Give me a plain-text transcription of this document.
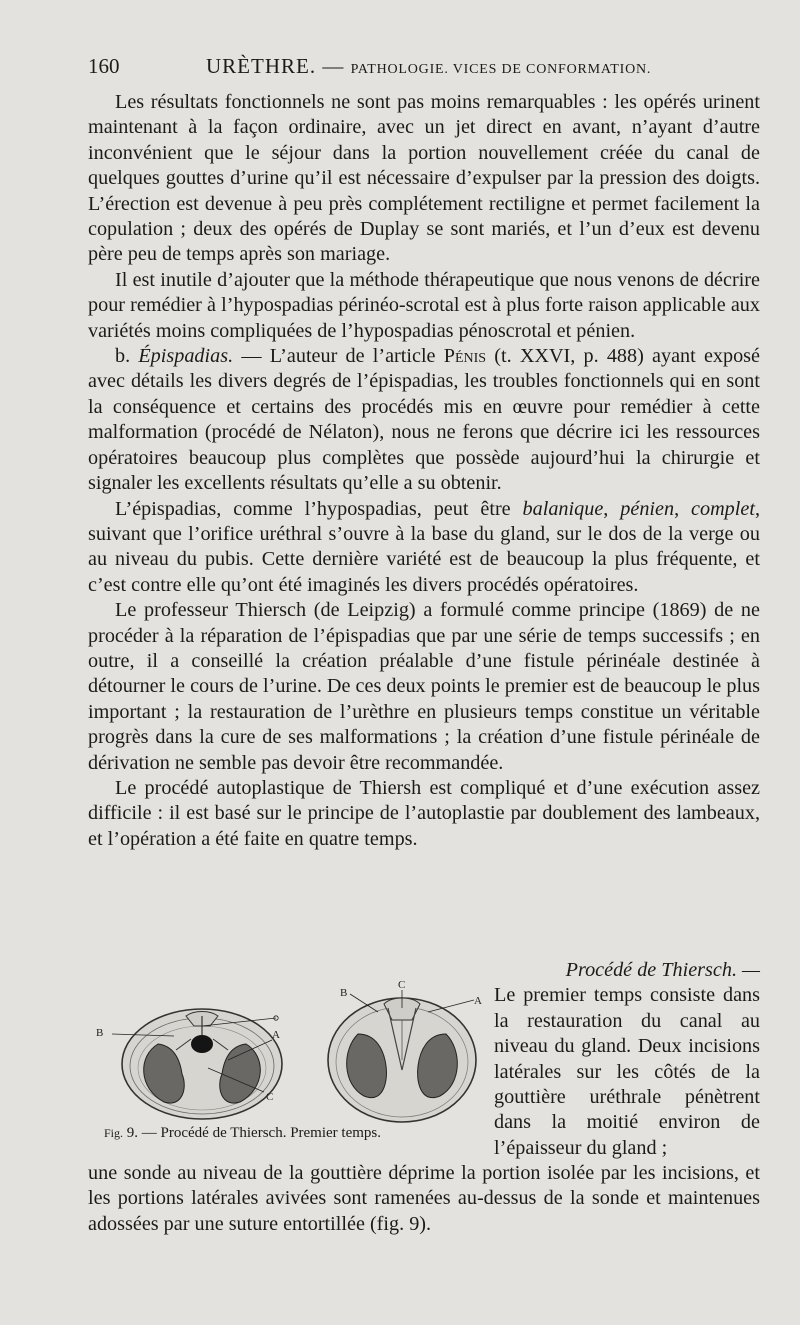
160	URÈTHRE. — PATHOLOGIE. VICES DE CONFORMATION.

Les résultats fonctionnels ne sont pas moins remarquables : les opérés urinent maintenant à la façon ordinaire, avec un jet direct en avant, n’ayant d’autre inconvénient que le séjour dans la portion nouvellement créée du canal de quelques gouttes d’urine qu’il est nécessaire d’expulser par la pression des doigts. L’érection est devenue à peu près complétement rectiligne et permet facilement la copulation ; deux des opérés de Duplay se sont mariés, et l’un d’eux est devenu père peu de temps après son mariage.

Il est inutile d’ajouter que la méthode thérapeutique que nous venons de décrire pour remédier à l’hypospadias périnéo-scrotal est à plus forte raison applicable aux variétés moins compliquées de l’hypospadias pénoscrotal et pénien.

b. Épispadias. — L’auteur de l’article Pénis (t. XXVI, p. 488) ayant exposé avec détails les divers degrés de l’épispadias, les troubles fonctionnels qui en sont la conséquence et certains des procédés mis en œuvre pour remédier à cette malformation (procédé de Nélaton), nous ne ferons que décrire ici les ressources opératoires beaucoup plus complètes que possède aujourd’hui la chirurgie et signaler les excellents résultats qu’elle a su obtenir.

L’épispadias, comme l’hypospadias, peut être balanique, pénien, complet, suivant que l’orifice uréthral s’ouvre à la base du gland, sur le dos de la verge ou au niveau du pubis. Cette dernière variété est de beaucoup la plus fréquente, et c’est contre elle qu’ont été imaginés les divers procédés opératoires.

Le professeur Thiersch (de Leipzig) a formulé comme principe (1869) de ne procéder à la réparation de l’épispadias que par une série de temps successifs ; en outre, il a conseillé la création préalable d’une fistule périnéale destinée à détourner le cours de l’urine. De ces deux points le premier est de beaucoup le plus important ; la restauration de l’urèthre en plusieurs temps constitue un véritable progrès dans la cure de ses malformations ; la création d’une fistule périnéale de dérivation ne semble pas devoir être recommandée.

Le procédé autoplastique de Thiersh est compliqué et d’une exécution assez difficile : il est basé sur le principe de l’autoplastie par doublement des lambeaux, et l’opération a été faite en quatre temps.

B	A
C
B
C
A
Fig. 9. — Procédé de Thiersch. Premier temps.

Procédé de Thiersch. —

Le premier temps consiste dans la restauration du canal au niveau du gland. Deux incisions latérales sur les côtés de la gouttière uréthrale pénètrent dans la moitié environ de l’épaisseur du gland ;

une sonde au niveau de la gouttière déprime la portion isolée par les incisions, et les portions latérales avivées sont ramenées au-dessus de la sonde et maintenues adossées par une suture entortillée (fig. 9).
